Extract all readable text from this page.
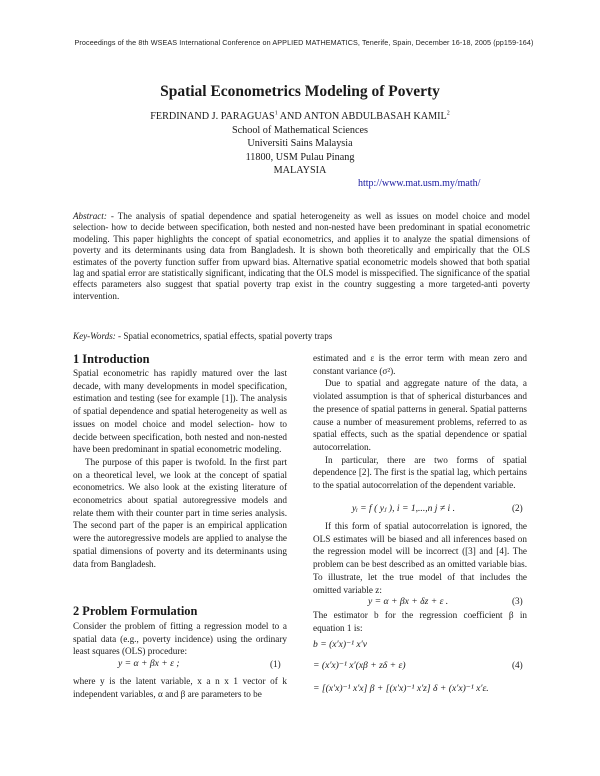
Proceedings of the 8th WSEAS International Conference on APPLIED MATHEMATICS, Tenerife, Spain, December 16-18, 2005 (pp159-164)
Spatial Econometrics Modeling of Poverty
FERDINAND J. PARAGUAS$^1$ AND ANTON ABDULBASAH KAMIL$^2$
School of Mathematical Sciences
Universiti Sains Malaysia
11800, USM Pulau Pinang
MALAYSIA
http://www.mat.usm.my/math/
Abstract: - The analysis of spatial dependence and spatial heterogeneity as well as issues on model choice and model selection- how to decide between specification, both nested and non-nested have been predominant in spatial econometric modeling. This paper highlights the concept of spatial econometrics, and applies it to analyze the spatial dimensions of poverty and its determinants using data from Bangladesh. It is shown both theoretically and empirically that the OLS estimates of the poverty function suffer from upward bias. Alternative spatial econometric models showed that both spatial lag and spatial error are statistically significant, indicating that the OLS model is misspecified. The significance of the spatial effects parameters also suggest that spatial poverty trap exist in the country suggesting a more targeted-anti poverty intervention.
Key-Words: - Spatial econometrics, spatial effects, spatial poverty traps
1 Introduction

Spatial econometric has rapidly matured over the last decade, with many developments in model specification, estimation and testing (see for example [1]). The analysis of spatial dependence and spatial heterogeneity as well as issues on model choice and model selection- how to decide between specification, both nested and non-nested have been predominant in spatial econometric modeling.

The purpose of this paper is twofold. In the first part on a theoretical level, we look at the concept of spatial econometrics. We also look at the existing literature of econometrics about spatial autoregressive models and relate them with their counter part in time series analysis. The second part of the paper is an empirical application were the autoregressive models are applied to analyse the spatial dimensions of poverty and its determinants using data from Bangladesh.

2 Problem Formulation
Consider the problem of fitting a regression model to a spatial data (e.g., poverty incidence) using the ordinary least squares (OLS) procedure:
y = α + βx + ε ;	(1)
where y is the latent variable, x a n x 1 vector of k independent variables, α and β are parameters to be

estimated and ε is the error term with mean zero and constant variance (σ²).

Due to spatial and aggregate nature of the data, a violated assumption is that of spherical disturbances and the presence of spatial patterns in general. Spatial patterns cause a number of measurement problems, referred to as spatial effects, such as the spatial dependence or spatial autocorrelation.

In particular, there are two forms of spatial dependence [2]. The first is the spatial lag, which pertains to the spatial autocorrelation of the dependent variable.

yᵢ = f ( yⱼ ), i = 1,...,n j ≠ i .	(2)
If this form of spatial autocorrelation is ignored, the OLS estimates will be biased and all inferences based on the regression model will be incorrect ([3] and [4]. The problem can be best described as an omitted variable bias. To illustrate, let the true model of that includes the omitted variable z:
y = α + βx + δz + ε .	(3)
The estimator b for the regression coefficient β in equation 1 is:
b = (x′x)⁻¹ x′v
= (x′x)⁻¹ x′(xβ + zδ + ε)	(4)
= [(x′x)⁻¹ x′x] β + [(x′x)⁻¹ x′z] δ + (x′x)⁻¹ x′ε.
